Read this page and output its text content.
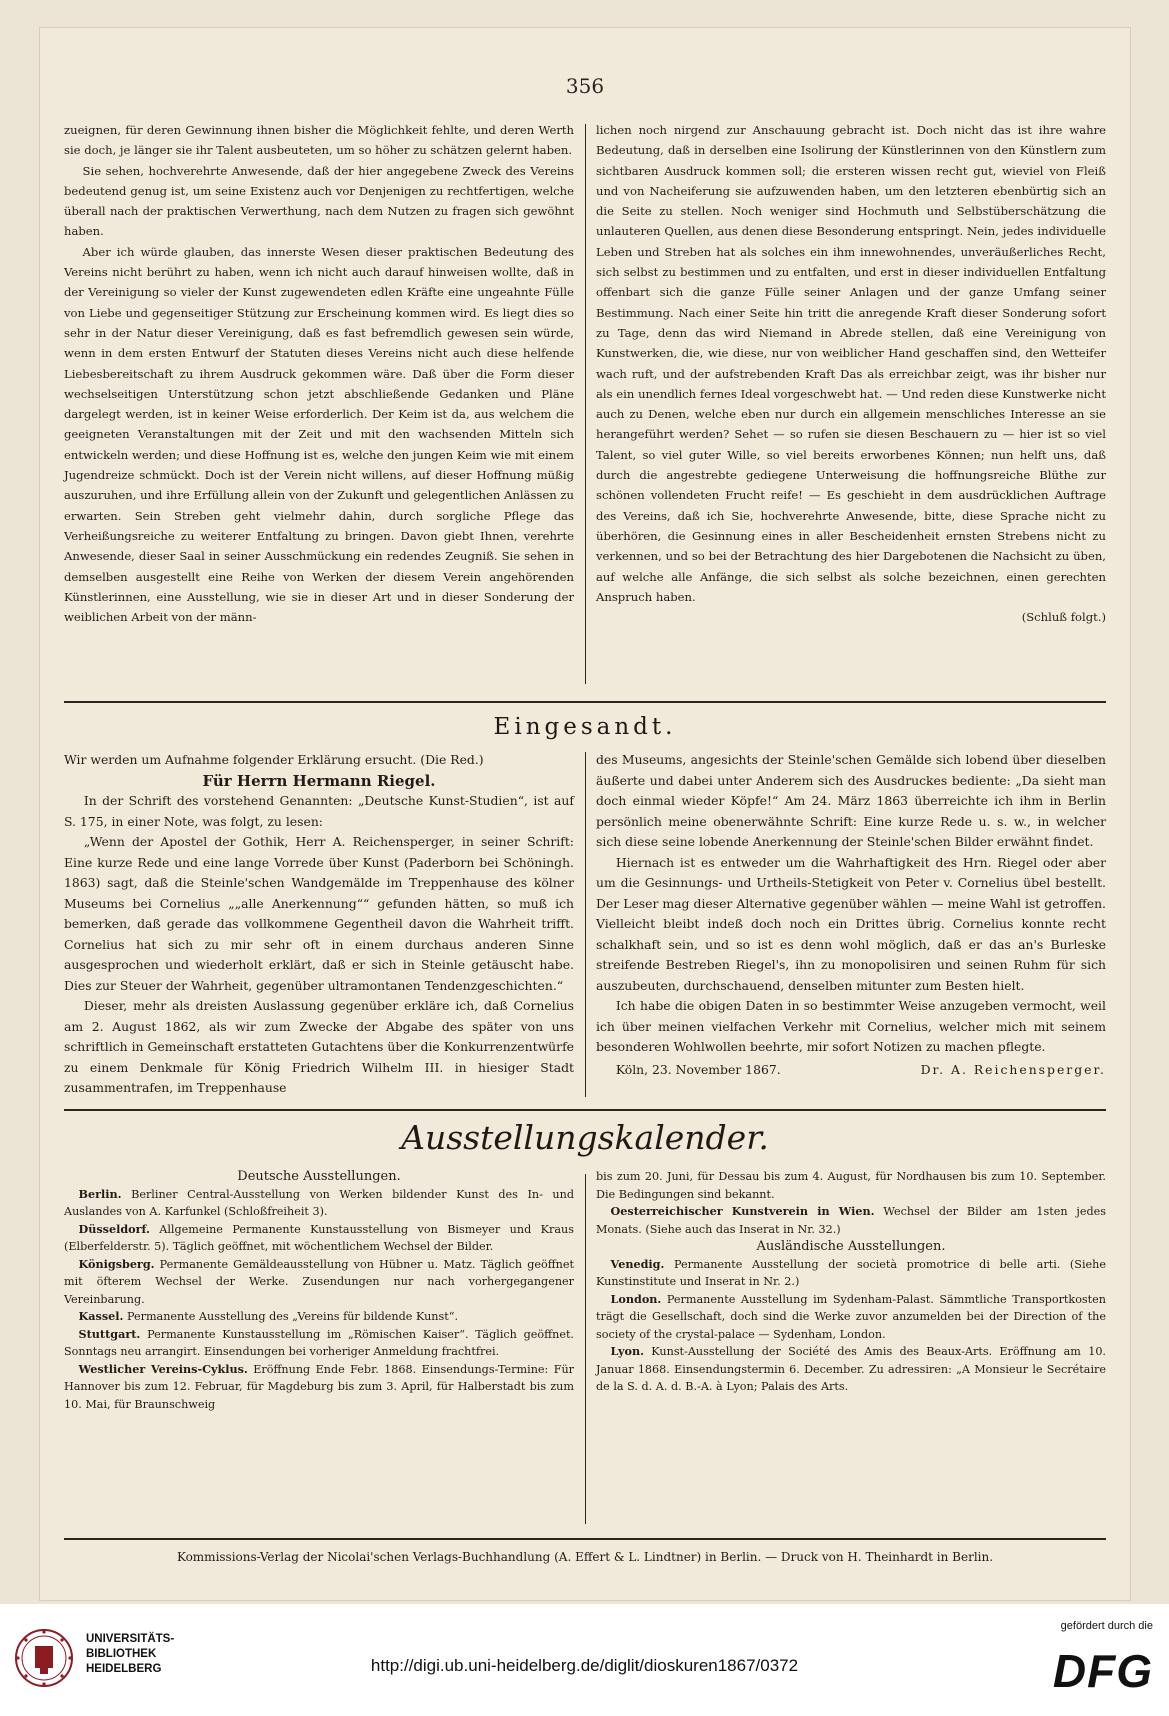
356

zueignen, für deren Gewinnung ihnen bisher die Möglichkeit fehlte, und deren Werth sie doch, je länger sie ihr Talent ausbeuteten, um so höher zu schätzen gelernt haben.

Sie sehen, hochverehrte Anwesende, daß der hier angegebene Zweck des Vereins bedeutend genug ist, um seine Existenz auch vor Denjenigen zu rechtfertigen, welche überall nach der praktischen Verwerthung, nach dem Nutzen zu fragen sich gewöhnt haben.

Aber ich würde glauben, das innerste Wesen dieser praktischen Bedeutung des Vereins nicht berührt zu haben, wenn ich nicht auch darauf hinweisen wollte, daß in der Vereinigung so vieler der Kunst zugewendeten edlen Kräfte eine ungeahnte Fülle von Liebe und gegenseitiger Stützung zur Erscheinung kommen wird. Es liegt dies so sehr in der Natur dieser Vereinigung, daß es fast befremdlich gewesen sein würde, wenn in dem ersten Entwurf der Statuten dieses Vereins nicht auch diese helfende Liebesbereitschaft zu ihrem Ausdruck gekommen wäre. Daß über die Form dieser wechselseitigen Unterstützung schon jetzt abschließende Gedanken und Pläne dargelegt werden, ist in keiner Weise erforderlich. Der Keim ist da, aus welchem die geeigneten Veranstaltungen mit der Zeit und mit den wachsenden Mitteln sich entwickeln werden; und diese Hoffnung ist es, welche den jungen Keim wie mit einem Jugendreize schmückt. Doch ist der Verein nicht willens, auf dieser Hoffnung müßig auszuruhen, und ihre Erfüllung allein von der Zukunft und gelegentlichen Anlässen zu erwarten. Sein Streben geht vielmehr dahin, durch sorgliche Pflege das Verheißungsreiche zu weiterer Entfaltung zu bringen. Davon giebt Ihnen, verehrte Anwesende, dieser Saal in seiner Ausschmückung ein redendes Zeugniß. Sie sehen in demselben ausgestellt eine Reihe von Werken der diesem Verein angehörenden Künstlerinnen, eine Ausstellung, wie sie in dieser Art und in dieser Sonderung der weiblichen Arbeit von der männ-

lichen noch nirgend zur Anschauung gebracht ist. Doch nicht das ist ihre wahre Bedeutung, daß in derselben eine Isolirung der Künstlerinnen von den Künstlern zum sichtbaren Ausdruck kommen soll; die ersteren wissen recht gut, wieviel von Fleiß und von Nacheiferung sie aufzuwenden haben, um den letzteren ebenbürtig sich an die Seite zu stellen. Noch weniger sind Hochmuth und Selbstüberschätzung die unlauteren Quellen, aus denen diese Besonderung entspringt. Nein, jedes individuelle Leben und Streben hat als solches ein ihm innewohnendes, unveräußerliches Recht, sich selbst zu bestimmen und zu entfalten, und erst in dieser individuellen Entfaltung offenbart sich die ganze Fülle seiner Anlagen und der ganze Umfang seiner Bestimmung. Nach einer Seite hin tritt die anregende Kraft dieser Sonderung sofort zu Tage, denn das wird Niemand in Abrede stellen, daß eine Vereinigung von Kunstwerken, die, wie diese, nur von weiblicher Hand geschaffen sind, den Wetteifer wach ruft, und der aufstrebenden Kraft Das als erreichbar zeigt, was ihr bisher nur als ein unendlich fernes Ideal vorgeschwebt hat. — Und reden diese Kunstwerke nicht auch zu Denen, welche eben nur durch ein allgemein menschliches Interesse an sie herangeführt werden? Sehet — so rufen sie diesen Beschauern zu — hier ist so viel Talent, so viel guter Wille, so viel bereits erworbenes Können; nun helft uns, daß durch die angestrebte gediegene Unterweisung die hoffnungsreiche Blüthe zur schönen vollendeten Frucht reife! — Es geschieht in dem ausdrücklichen Auftrage des Vereins, daß ich Sie, hochverehrte Anwesende, bitte, diese Sprache nicht zu überhören, die Gesinnung eines in aller Bescheidenheit ernsten Strebens nicht zu verkennen, und so bei der Betrachtung des hier Dargebotenen die Nachsicht zu üben, auf welche alle Anfänge, die sich selbst als solche bezeichnen, einen gerechten Anspruch haben.

(Schluß folgt.)

Eingesandt.

Wir werden um Aufnahme folgender Erklärung ersucht. (Die Red.)

Für Herrn Hermann Riegel.

In der Schrift des vorstehend Genannten: „Deutsche Kunst-Studien“, ist auf S. 175, in einer Note, was folgt, zu lesen:

„Wenn der Apostel der Gothik, Herr A. Reichensperger, in seiner Schrift: Eine kurze Rede und eine lange Vorrede über Kunst (Paderborn bei Schöningh. 1863) sagt, daß die Steinle'schen Wandgemälde im Treppenhause des kölner Museums bei Cornelius „„alle Anerkennung““ gefunden hätten, so muß ich bemerken, daß gerade das vollkommene Gegentheil davon die Wahrheit trifft. Cornelius hat sich zu mir sehr oft in einem durchaus anderen Sinne ausgesprochen und wiederholt erklärt, daß er sich in Steinle getäuscht habe. Dies zur Steuer der Wahrheit, gegenüber ultramontanen Tendenzgeschichten.“

Dieser, mehr als dreisten Auslassung gegenüber erkläre ich, daß Cornelius am 2. August 1862, als wir zum Zwecke der Abgabe des später von uns schriftlich in Gemeinschaft erstatteten Gutachtens über die Konkurrenzentwürfe zu einem Denkmale für König Friedrich Wilhelm III. in hiesiger Stadt zusammentrafen, im Treppenhause

des Museums, angesichts der Steinle'schen Gemälde sich lobend über dieselben äußerte und dabei unter Anderem sich des Ausdruckes bediente: „Da sieht man doch einmal wieder Köpfe!“ Am 24. März 1863 überreichte ich ihm in Berlin persönlich meine obenerwähnte Schrift: Eine kurze Rede u. s. w., in welcher sich diese seine lobende Anerkennung der Steinle'schen Bilder erwähnt findet.

Hiernach ist es entweder um die Wahrhaftigkeit des Hrn. Riegel oder aber um die Gesinnungs- und Urtheils-Stetigkeit von Peter v. Cornelius übel bestellt. Der Leser mag dieser Alternative gegenüber wählen — meine Wahl ist getroffen. Vielleicht bleibt indeß doch noch ein Drittes übrig. Cornelius konnte recht schalkhaft sein, und so ist es denn wohl möglich, daß er das an's Burleske streifende Bestreben Riegel's, ihn zu monopolisiren und seinen Ruhm für sich auszubeuten, durchschauend, denselben mitunter zum Besten hielt.

Ich habe die obigen Daten in so bestimmter Weise anzugeben vermocht, weil ich über meinen vielfachen Verkehr mit Cornelius, welcher mich mit seinem besonderen Wohlwollen beehrte, mir sofort Notizen zu machen pflegte.

Köln, 23. November 1867.	Dr. A. Reichensperger.

Ausstellungskalender.

Deutsche Ausstellungen.

Berlin. Berliner Central-Ausstellung von Werken bildender Kunst des In- und Auslandes von A. Karfunkel (Schloßfreiheit 3).

Düsseldorf. Allgemeine Permanente Kunstausstellung von Bismeyer und Kraus (Elberfelderstr. 5). Täglich geöffnet, mit wöchentlichem Wechsel der Bilder.

Königsberg. Permanente Gemäldeausstellung von Hübner u. Matz. Täglich geöffnet mit öfterem Wechsel der Werke. Zusendungen nur nach vorhergegangener Vereinbarung.

Kassel. Permanente Ausstellung des „Vereins für bildende Kunst“.

Stuttgart. Permanente Kunstausstellung im „Römischen Kaiser“. Täglich geöffnet. Sonntags neu arrangirt. Einsendungen bei vorheriger Anmeldung frachtfrei.

Westlicher Vereins-Cyklus. Eröffnung Ende Febr. 1868. Einsendungs-Termine: Für Hannover bis zum 12. Februar, für Magdeburg bis zum 3. April, für Halberstadt bis zum 10. Mai, für Braunschweig

bis zum 20. Juni, für Dessau bis zum 4. August, für Nordhausen bis zum 10. September. Die Bedingungen sind bekannt.

Oesterreichischer Kunstverein in Wien. Wechsel der Bilder am 1sten jedes Monats. (Siehe auch das Inserat in Nr. 32.)

Ausländische Ausstellungen.

Venedig. Permanente Ausstellung der società promotrice di belle arti. (Siehe Kunstinstitute und Inserat in Nr. 2.)

London. Permanente Ausstellung im Sydenham-Palast. Sämmtliche Transportkosten trägt die Gesellschaft, doch sind die Werke zuvor anzumelden bei der Direction of the society of the crystal-palace — Sydenham, London.

Lyon. Kunst-Ausstellung der Société des Amis des Beaux-Arts. Eröffnung am 10. Januar 1868. Einsendungstermin 6. December. Zu adressiren: „A Monsieur le Secrétaire de la S. d. A. d. B.-A. à Lyon; Palais des Arts.

Kommissions-Verlag der Nicolai'schen Verlags-Buchhandlung (A. Effert & L. Lindtner) in Berlin. — Druck von H. Theinhardt in Berlin.
UNIVERSITÄTS-
BIBLIOTHEK
HEIDELBERG	http://digi.ub.uni-heidelberg.de/diglit/dioskuren1867/0372
gefördert durch die
DFG
